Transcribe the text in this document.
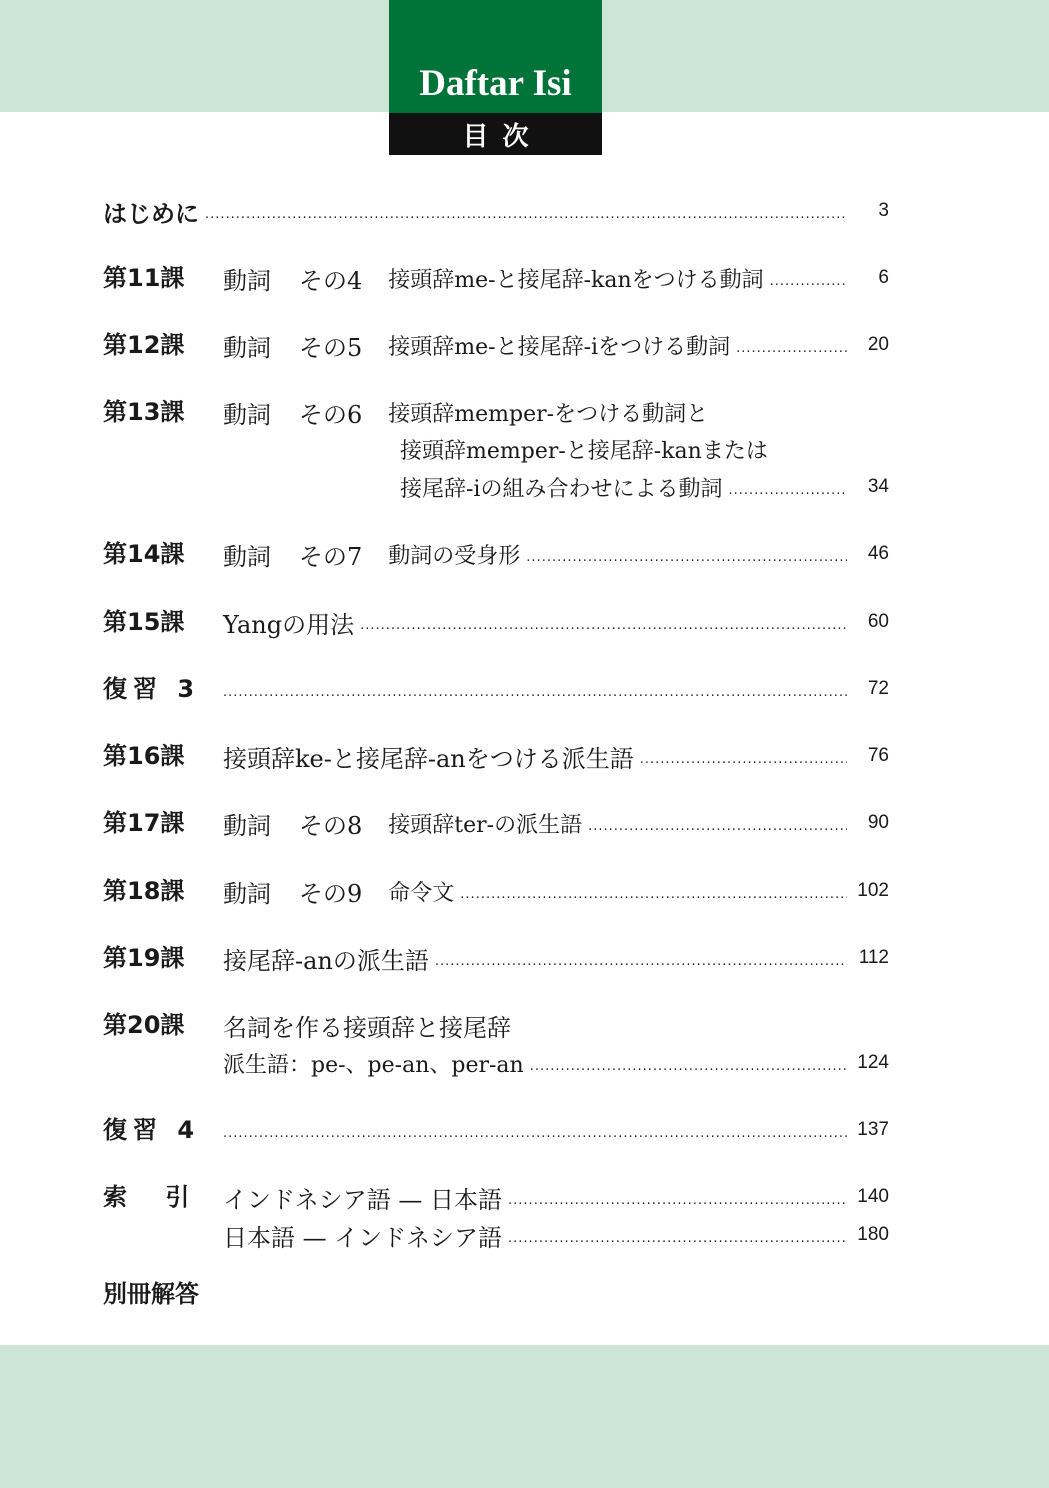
Daftar Isi
目次
はじめに .....	3
第11課 動詞 その4 接頭辞me-と接尾辞-kanをつける動詞 .....	6
第12課 動詞 その5 接頭辞me-と接尾辞-iをつける動詞 .....	20
第13課 動詞 その6 接頭辞memper-をつける動詞と
接頭辞memper-と接尾辞-kanまたは
接尾辞-iの組み合わせによる動詞 .....	34
第14課 動詞 その7 動詞の受身形 .....	46
第15課 Yangの用法 .....	60
復習 3 .....	72
第16課 接頭辞ke-と接尾辞-anをつける派生語 .....	76
第17課 動詞 その8 接頭辞ter-の派生語 .....	90
第18課 動詞 その9 命令文 .....	102
第19課 接尾辞-anの派生語 .....	112
第20課 名詞を作る接頭辞と接尾辞
派生語：pe-、pe-an、per-an .....	124
復習 4 .....	137
索 引 インドネシア語 — 日本語 .....	140
日本語 — インドネシア語 .....	180
別冊解答
